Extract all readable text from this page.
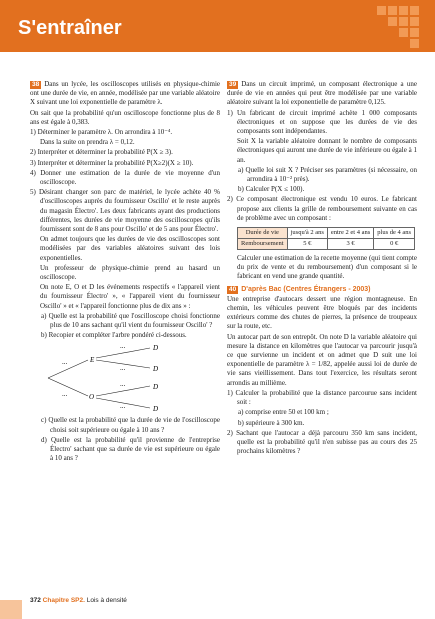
S'entraîner

38 Dans un lycée, les oscilloscopes utilisés en physique-chimie ont une durée de vie, en année, modélisée par une variable aléatoire X suivant une loi exponentielle de paramètre λ.

On sait que la probabilité qu'un oscilloscope fonctionne plus de 8 ans est égale à 0,383.

1) Déterminer le paramètre λ. On arrondira à 10⁻⁴.

Dans la suite on prendra λ = 0,12.

2) Interpréter et déterminer la probabilité P(X ≥ 3).

3) Interpréter et déterminer la probabilité P(X≥2)(X ≥ 10).

4) Donner une estimation de la durée de vie moyenne d'un oscilloscope.

5) Désirant changer son parc de matériel, le lycée achète 40 % d'oscilloscopes auprès du fournisseur Oscillo' et le reste auprès du magasin Électro'. Les deux fabricants ayant des productions différentes, les durées de vie moyenne des oscilloscopes qu'ils fournissent sont de 8 ans pour Oscillo' et de 5 ans pour Électro'.

On admet toujours que les durées de vie des oscilloscopes sont modélisées par des variables aléatoires suivant des lois exponentielles.

Un professeur de physique-chimie prend au hasard un oscilloscope.

On note E, O et D les événements respectifs « l'appareil vient du fournisseur Électro' », « l'appareil vient du fournisseur Oscillo' » et « l'appareil fonctionne plus de dix ans » :

a) Quelle est la probabilité que l'oscilloscope choisi fonctionne plus de 10 ans sachant qu'il vient du fournisseur Oscillo' ?

b) Recopier et compléter l'arbre pondéré ci-dessous.

E
O
D
D
D
D
...
...
...
...
...
...

c) Quelle est la probabilité que la durée de vie de l'oscilloscope choisi soit supérieure ou égale à 10 ans ?

d) Quelle est la probabilité qu'il provienne de l'entreprise Électro' sachant que sa durée de vie est supérieure ou égale à 10 ans ?

39 Dans un circuit imprimé, un composant électronique a une durée de vie en années qui peut être modélisée par une variable aléatoire suivant la loi exponentielle de paramètre 0,125.

1) Un fabricant de circuit imprimé achète 1 000 composants électroniques et on suppose que les durées de vie des composants sont indépendantes.

Soit X la variable aléatoire donnant le nombre de composants électroniques qui auront une durée de vie inférieure ou égale à 1 an.

a) Quelle loi suit X ? Préciser ses paramètres (si nécessaire, on arrondira à 10⁻² près).

b) Calculer P(X ≤ 100).

2) Ce composant électronique est vendu 10 euros. Le fabricant propose aux clients la grille de remboursement suivante en cas de problème avec un composant :

Durée de vie	jusqu'à 2 ans	entre 2 et 4 ans	plus de 4 ans
Remboursement	5 €	3 €	0 €

Calculer une estimation de la recette moyenne (qui tient compte du prix de vente et du remboursement) d'un composant si le fabricant en vend une grande quantité.

40 D'après Bac (Centres Étrangers - 2003)

Une entreprise d'autocars dessert une région montagneuse. En chemin, les véhicules peuvent être bloqués par des incidents extérieurs comme des chutes de pierres, la présence de troupeaux sur la route, etc.

Un autocar part de son entrepôt. On note D la variable aléatoire qui mesure la distance en kilomètres que l'autocar va parcourir jusqu'à ce que survienne un incident et on admet que D suit une loi exponentielle de paramètre λ = 1/82, appelée aussi loi de durée de vie sans vieillissement. Dans tout l'exercice, les résultats seront arrondis au millième.

1) Calculer la probabilité que la distance parcourue sans incident soit :

a) comprise entre 50 et 100 km ;

b) supérieure à 300 km.

2) Sachant que l'autocar a déjà parcouru 350 km sans incident, quelle est la probabilité qu'il n'en subisse pas au cours des 25 prochains kilomètres ?

372 Chapitre SP2. Lois à densité
